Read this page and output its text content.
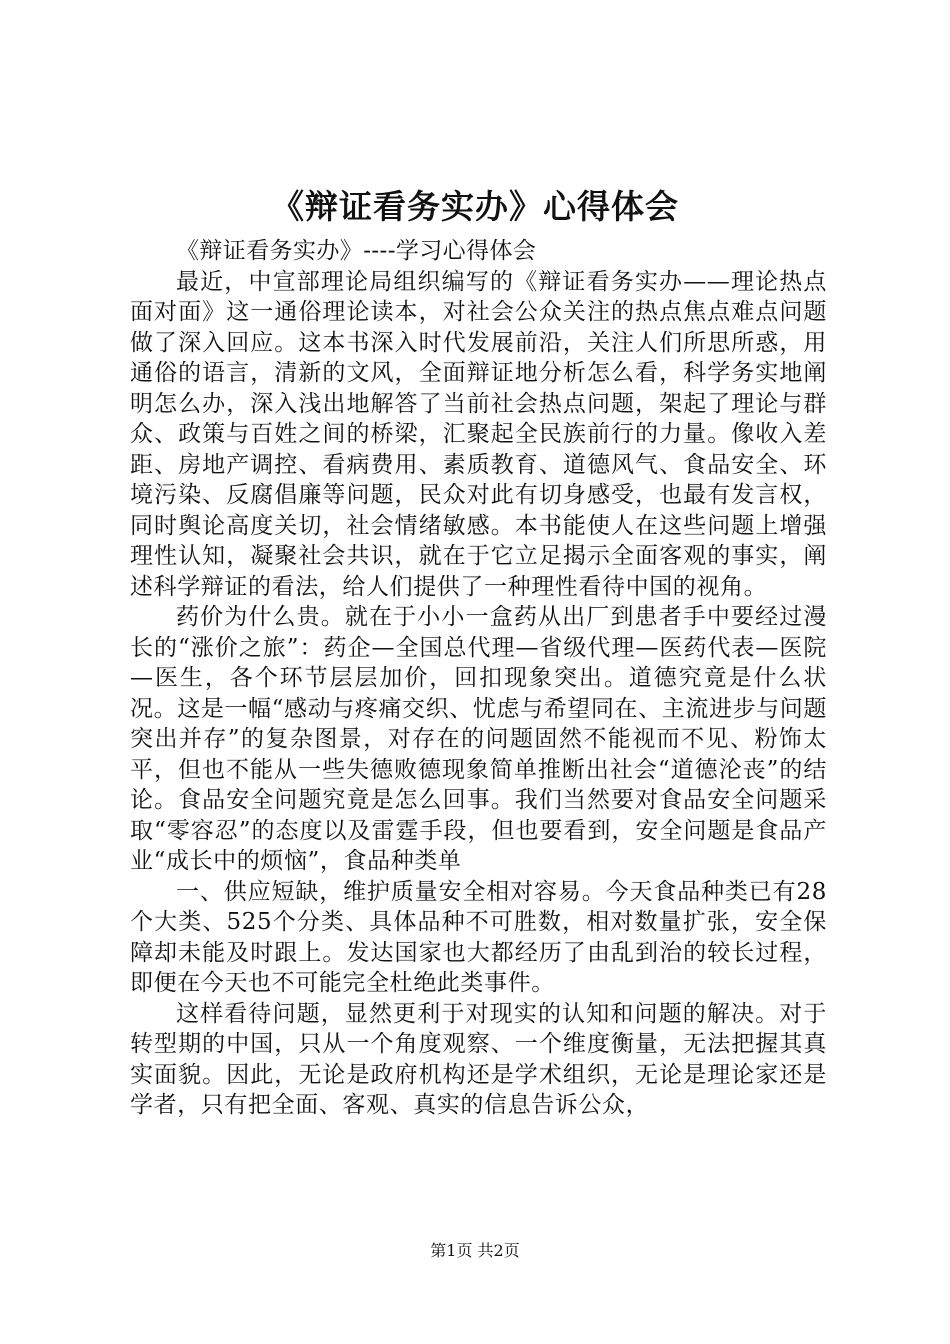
《辩证看务实办》心得体会

《辩证看务实办》----学习心得体会

最近，中宣部理论局组织编写的《辩证看务实办——理论热点面对面》这一通俗理论读本，对社会公众关注的热点焦点难点问题做了深入回应。这本书深入时代发展前沿，关注人们所思所惑，用通俗的语言，清新的文风，全面辩证地分析怎么看，科学务实地阐明怎么办，深入浅出地解答了当前社会热点问题，架起了理论与群众、政策与百姓之间的桥梁，汇聚起全民族前行的力量。像收入差距、房地产调控、看病费用、素质教育、道德风气、食品安全、环境污染、反腐倡廉等问题，民众对此有切身感受，也最有发言权，同时舆论高度关切，社会情绪敏感。本书能使人在这些问题上增强理性认知，凝聚社会共识，就在于它立足揭示全面客观的事实，阐述科学辩证的看法，给人们提供了一种理性看待中国的视角。

药价为什么贵。就在于小小一盒药从出厂到患者手中要经过漫长的“涨价之旅”：药企—全国总代理—省级代理—医药代表—医院—医生，各个环节层层加价，回扣现象突出。道德究竟是什么状况。这是一幅“感动与疼痛交织、忧虑与希望同在、主流进步与问题突出并存”的复杂图景，对存在的问题固然不能视而不见、粉饰太平，但也不能从一些失德败德现象简单推断出社会“道德沦丧”的结论。食品安全问题究竟是怎么回事。我们当然要对食品安全问题采取“零容忍”的态度以及雷霆手段，但也要看到，安全问题是食品产业“成长中的烦恼”，食品种类单

一、供应短缺，维护质量安全相对容易。今天食品种类已有28个大类、525个分类、具体品种不可胜数，相对数量扩张，安全保障却未能及时跟上。发达国家也大都经历了由乱到治的较长过程，即便在今天也不可能完全杜绝此类事件。

这样看待问题，显然更利于对现实的认知和问题的解决。对于转型期的中国，只从一个角度观察、一个维度衡量，无法把握其真实面貌。因此，无论是政府机构还是学术组织，无论是理论家还是学者，只有把全面、客观、真实的信息告诉公众，

第1页 共2页
